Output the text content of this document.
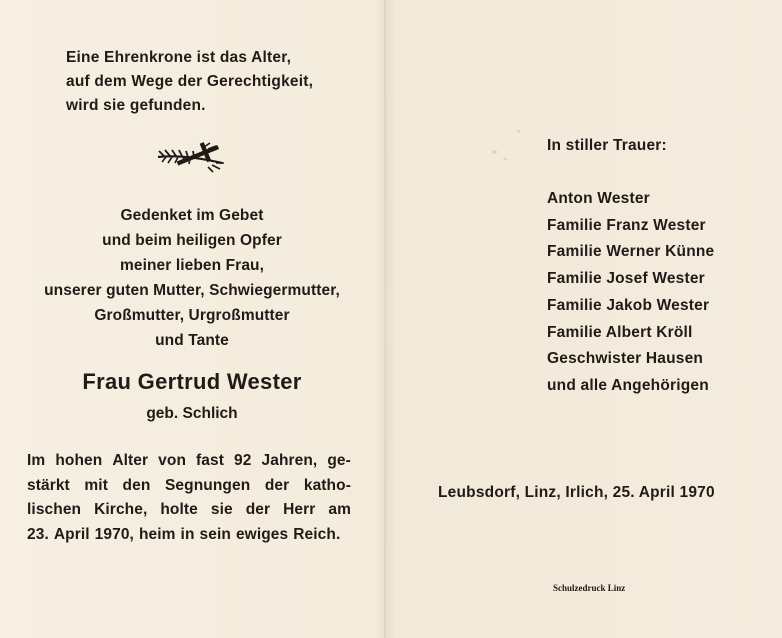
Eine Ehrenkrone ist das Alter,
auf dem Wege der Gerechtigkeit,
wird sie gefunden.
Gedenket im Gebet
und beim heiligen Opfer
meiner lieben Frau,
unserer guten Mutter, Schwiegermutter,
Großmutter, Urgroßmutter
und Tante
Frau Gertrud Wester
geb. Schlich
Im hohen Alter von fast 92 Jahren, ge-
stärkt mit den Segnungen der katho-
lischen Kirche, holte sie der Herr am
23. April 1970, heim in sein ewiges Reich.
In stiller Trauer:
Anton Wester
Familie Franz Wester
Familie Werner Künne
Familie Josef Wester
Familie Jakob Wester
Familie Albert Kröll
Geschwister Hausen
und alle Angehörigen
Leubsdorf, Linz, Irlich, 25. April 1970
Schulzedruck Linz
